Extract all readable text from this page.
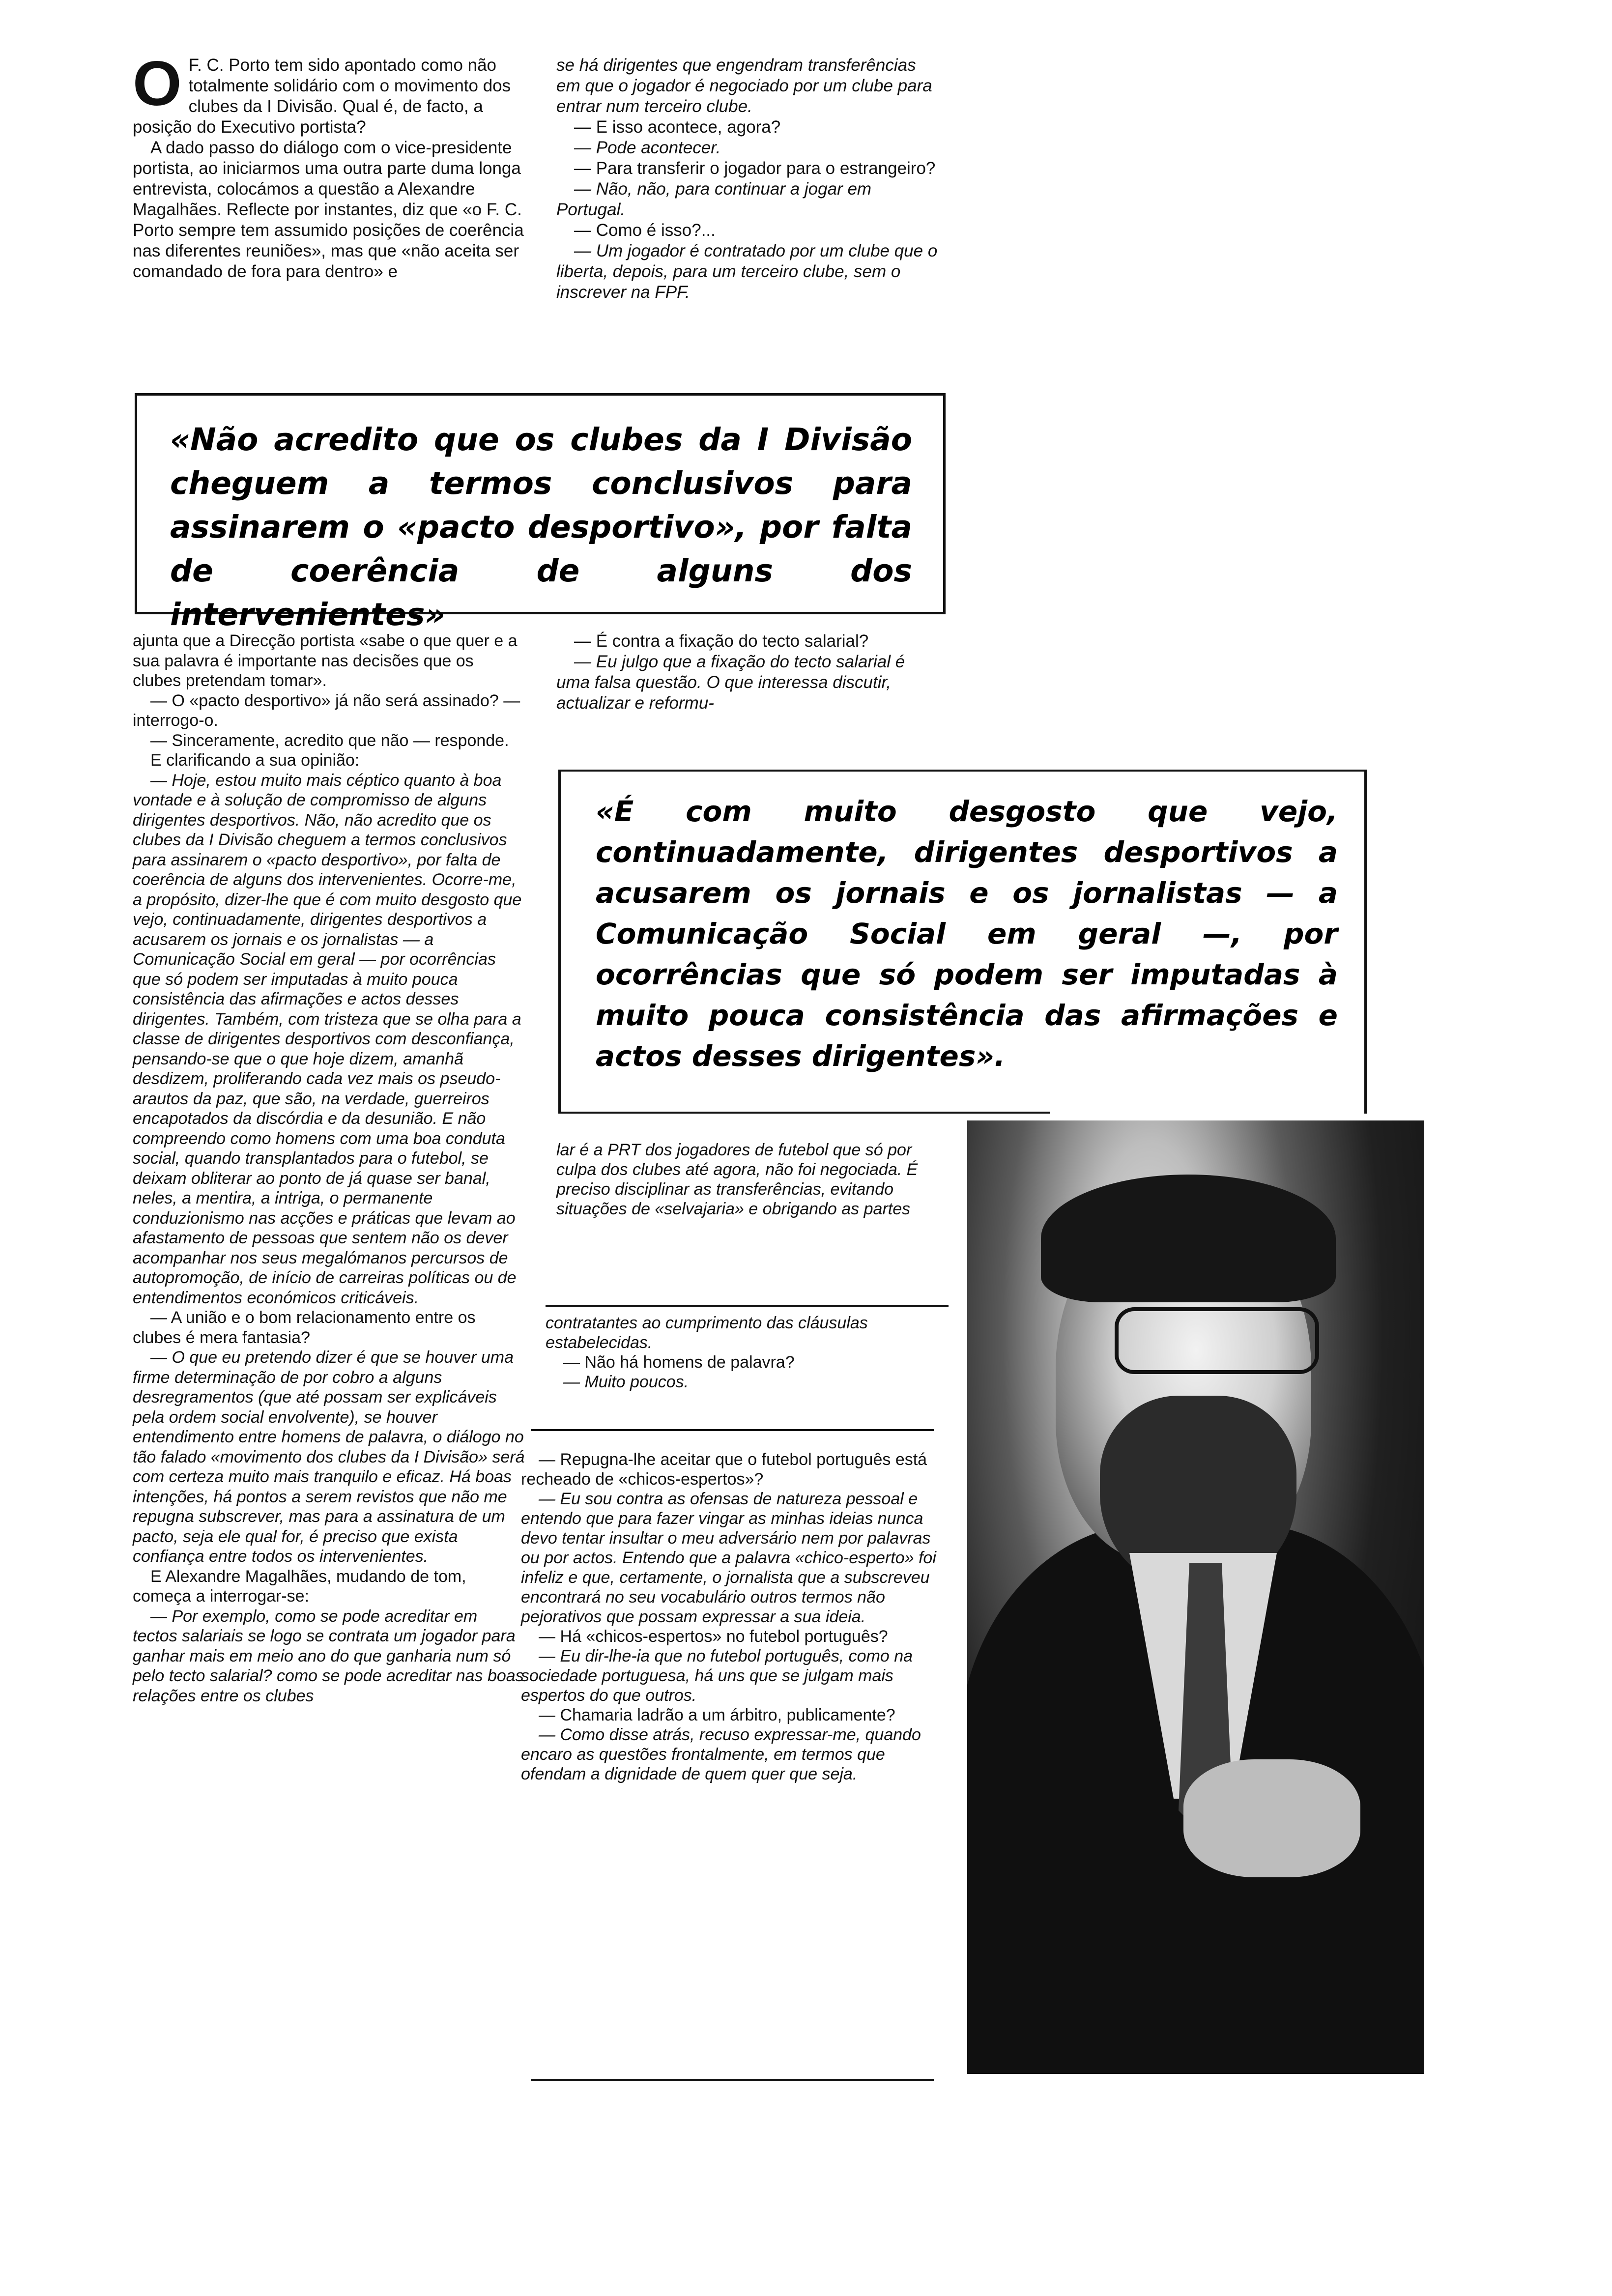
O F. C. Porto tem sido apontado como não totalmente solidário com o movimento dos clubes da I Divisão. Qual é, de facto, a posição do Executivo portista?

A dado passo do diálogo com o vice-presidente portista, ao iniciarmos uma outra parte duma longa entrevista, colocámos a questão a Alexandre Magalhães. Reflecte por instantes, diz que «o F. C. Porto sempre tem assumido posições de coerência nas diferentes reuniões», mas que «não aceita ser comandado de fora para dentro» e

se há dirigentes que engendram transferências em que o jogador é negociado por um clube para entrar num terceiro clube.

— E isso acontece, agora?

— Pode acontecer.

— Para transferir o jogador para o estrangeiro?

— Não, não, para continuar a jogar em Portugal.

— Como é isso?...

— Um jogador é contratado por um clube que o liberta, depois, para um terceiro clube, sem o inscrever na FPF.

«Não acredito que os clubes da I Divisão cheguem a termos conclusivos para assinarem o «pacto desportivo», por falta de coerência de alguns dos intervenientes»

ajunta que a Direcção portista «sabe o que quer e a sua palavra é importante nas decisões que os clubes pretendam tomar».

— O «pacto desportivo» já não será assinado? — interrogo-o.

— Sinceramente, acredito que não — responde.

E clarificando a sua opinião:

— Hoje, estou muito mais céptico quanto à boa vontade e à solução de compromisso de alguns dirigentes desportivos. Não, não acredito que os clubes da I Divisão cheguem a termos conclusivos para assinarem o «pacto desportivo», por falta de coerência de alguns dos intervenientes. Ocorre-me, a propósito, dizer-lhe que é com muito desgosto que vejo, continuadamente, dirigentes desportivos a acusarem os jornais e os jornalistas — a Comunicação Social em geral — por ocorrências que só podem ser imputadas à muito pouca consistência das afirmações e actos desses dirigentes. Também, com tristeza que se olha para a classe de dirigentes desportivos com desconfiança, pensando-se que o que hoje dizem, amanhã desdizem, proliferando cada vez mais os pseudo-arautos da paz, que são, na verdade, guerreiros encapotados da discórdia e da desunião. E não compreendo como homens com uma boa conduta social, quando transplantados para o futebol, se deixam obliterar ao ponto de já quase ser banal, neles, a mentira, a intriga, o permanente conduzionismo nas acções e práticas que levam ao afastamento de pessoas que sentem não os dever acompanhar nos seus megalómanos percursos de autopromoção, de início de carreiras políticas ou de entendimentos económicos criticáveis.

— A união e o bom relacionamento entre os clubes é mera fantasia?

— O que eu pretendo dizer é que se houver uma firme determinação de por cobro a alguns desregramentos (que até possam ser explicáveis pela ordem social envolvente), se houver entendimento entre homens de palavra, o diálogo no tão falado «movimento dos clubes da I Divisão» será com certeza muito mais tranquilo e eficaz. Há boas intenções, há pontos a serem revistos que não me repugna subscrever, mas para a assinatura de um pacto, seja ele qual for, é preciso que exista confiança entre todos os intervenientes.

E Alexandre Magalhães, mudando de tom, começa a interrogar-se:

— Por exemplo, como se pode acreditar em tectos salariais se logo se contrata um jogador para ganhar mais em meio ano do que ganharia num só pelo tecto salarial? como se pode acreditar nas boas relações entre os clubes

— É contra a fixação do tecto salarial?

— Eu julgo que a fixação do tecto salarial é uma falsa questão. O que interessa discutir, actualizar e reformu-

«É com muito desgosto que vejo, continuadamente, dirigentes desportivos a acusarem os jornais e os jornalistas — a Comunicação Social em geral —, por ocorrências que só podem ser imputadas à muito pouca consistência das afirmações e actos desses dirigentes».

lar é a PRT dos jogadores de futebol que só por culpa dos clubes até agora, não foi negociada. É preciso disciplinar as transferências, evitando situações de «selvajaria» e obrigando as partes

contratantes ao cumprimento das cláusulas estabelecidas.

— Não há homens de palavra?

— Muito poucos.

— Repugna-lhe aceitar que o futebol português está recheado de «chicos-espertos»?

— Eu sou contra as ofensas de natureza pessoal e entendo que para fazer vingar as minhas ideias nunca devo tentar insultar o meu adversário nem por palavras ou por actos. Entendo que a palavra «chico-esperto» foi infeliz e que, certamente, o jornalista que a subscreveu encontrará no seu vocabulário outros termos não pejorativos que possam expressar a sua ideia.

— Há «chicos-espertos» no futebol português?

— Eu dir-lhe-ia que no futebol português, como na sociedade portuguesa, há uns que se julgam mais espertos do que outros.

— Chamaria ladrão a um árbitro, publicamente?

— Como disse atrás, recuso expressar-me, quando encaro as questões frontalmente, em termos que ofendam a dignidade de quem quer que seja.
